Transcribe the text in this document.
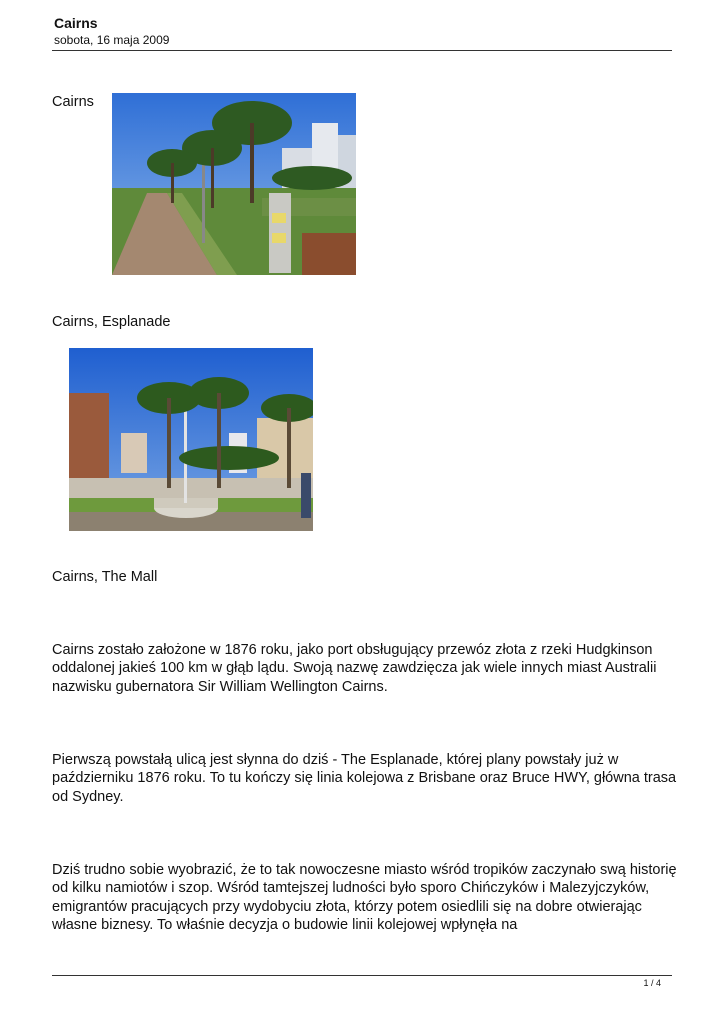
Cairns
sobota, 16 maja 2009
Cairns
Cairns, Esplanade
Cairns, The Mall
Cairns zostało założone w 1876 roku, jako port obsługujący przewóz złota z rzeki Hudgkinson oddalonej jakieś 100 km w głąb lądu. Swoją nazwę zawdzięcza jak wiele innych miast Australii nazwisku gubernatora Sir William Wellington Cairns.
Pierwszą powstałą ulicą jest słynna do dziś - The Esplanade, której plany powstały już w październiku 1876 roku. To tu kończy się linia kolejowa z Brisbane oraz Bruce HWY, główna trasa od Sydney.
Dziś trudno sobie wyobrazić, że to tak nowoczesne miasto wśród tropików zaczynało swą historię od kilku namiotów i szop. Wśród tamtejszej ludności było sporo Chińczyków i Malezyjczyków, emigrantów pracujących przy wydobyciu złota, którzy potem osiedlili się na dobre otwierając własne biznesy. To właśnie decyzja o budowie linii kolejowej wpłynęła na
1 / 4
